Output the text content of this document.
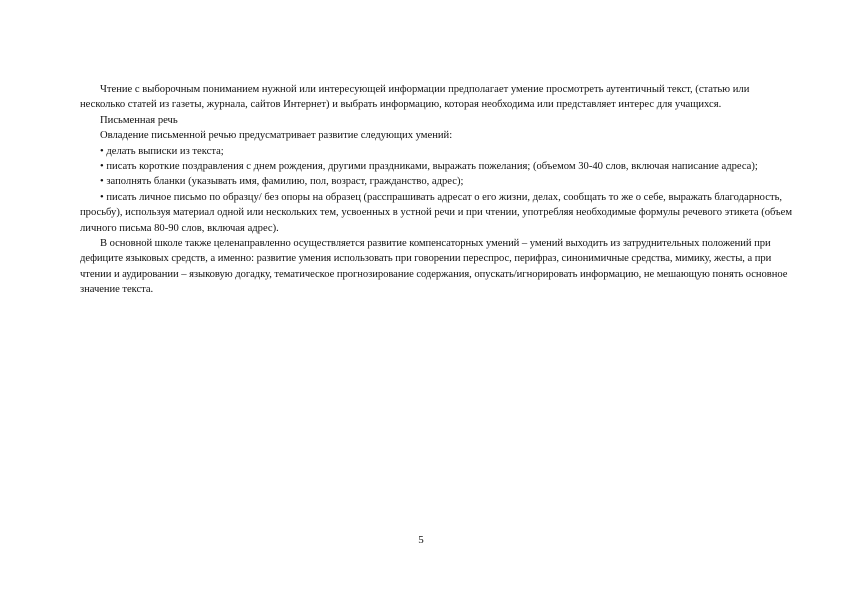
Чтение с выборочным пониманием нужной или интересующей информации предполагает умение просмотреть аутентичный текст, (статью или несколько статей из газеты, журнала, сайтов Интернет) и выбрать информацию, которая необходима или представляет интерес для учащихся.

Письменная речь

Овладение письменной речью предусматривает развитие следующих умений:

• делать выписки из текста;

• писать короткие поздравления с днем рождения, другими праздниками, выражать пожелания; (объемом 30-40 слов, включая написание адреса);

• заполнять бланки (указывать имя, фамилию, пол, возраст, гражданство, адрес);

• писать личное письмо по образцу/ без опоры на образец (расспрашивать адресат о его жизни, делах, сообщать то же о себе, выражать благодарность, просьбу), используя материал одной или нескольких тем, усвоенных в устной речи и при чтении, употребляя необходимые формулы речевого этикета (объем личного письма 80-90 слов, включая адрес).

В основной школе также целенаправленно осуществляется развитие компенсаторных умений – умений выходить из затруднительных положений при дефиците языковых средств, а именно: развитие умения использовать при говорении переспрос, перифраз, синонимичные средства, мимику, жесты, а при чтении и аудировании – языковую догадку, тематическое прогнозирование содержания, опускать/игнорировать информацию, не мешающую понять основное значение текста.

5
